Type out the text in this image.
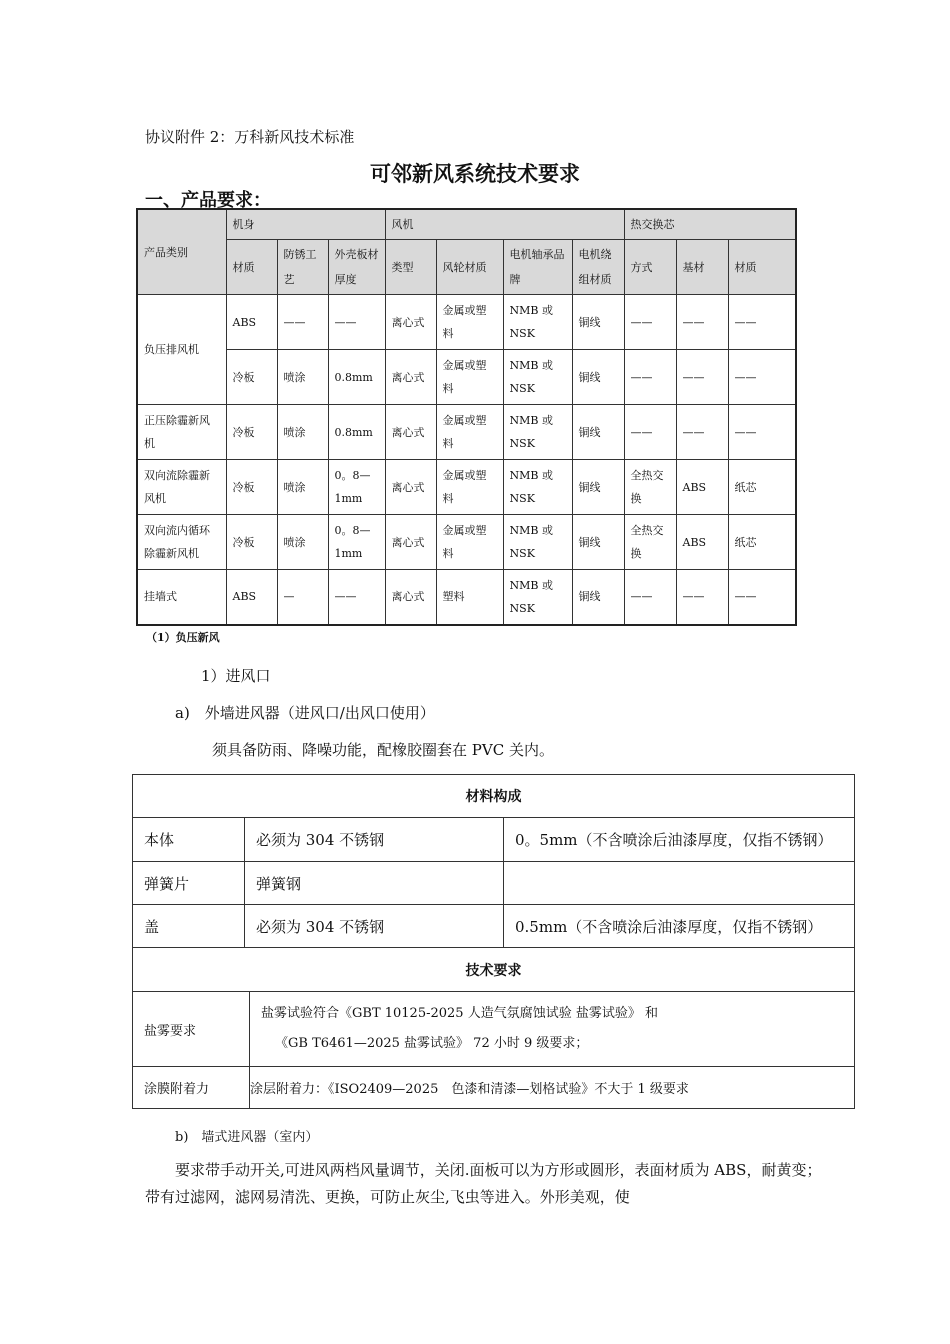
协议附件 2：万科新风技术标准
可邻新风系统技术要求
一、产品要求：
产品类别	机身			风机				热交换芯		
	材质	防锈工艺	外壳板材厚度	类型	风轮材质	电机轴承品牌	电机绕组材质	方式	基材	材质
负压排风机	ABS	——	——	离心式	金属或塑料	NMB 或 NSK	铜线	——	——	——
	冷板	喷涂	0.8mm	离心式	金属或塑料	NMB 或 NSK	铜线	——	——	——
正压除霾新风机	冷板	喷涂	0.8mm	离心式	金属或塑料	NMB 或 NSK	铜线	——	——	——
双向流除霾新风机	冷板	喷涂	0。8—1mm	离心式	金属或塑料	NMB 或 NSK	铜线	全热交换	ABS	纸芯
双向流内循环除霾新风机	冷板	喷涂	0。8—1mm	离心式	金属或塑料	NMB 或 NSK	铜线	全热交换	ABS	纸芯
挂墙式	ABS	—	——	离心式	塑料	NMB 或 NSK	铜线	——	——	——
（1）负压新风
1）进风口
a)　外墙进风器（进风口/出风口使用）
须具备防雨、降噪功能，配橡胶圈套在 PVC 关内。
材料构成			
本体	必须为 304 不锈钢		0。5mm（不含喷涂后油漆厚度，仅指不锈钢）
弹簧片	弹簧钢		
盖	必须为 304 不锈钢		0.5mm（不含喷涂后油漆厚度，仅指不锈钢）
技术要求			
盐雾要求		盐雾试验符合《GBT 10125-2025 人造气氛腐蚀试验 盐雾试验》 和
《GB T6461—2025 盐雾试验》 72 小时 9 级要求；	

涂膜附着力		涂层附着力：《ISO2409—2025　色漆和清漆—划格试验》不大于 1 级要求	
b)　墙式进风器（室内）
要求带手动开关,可进风两档风量调节，关闭.面板可以为方形或圆形，表面材质为 ABS，耐黄变；带有过滤网，滤网易清洗、更换，可防止灰尘,飞虫等进入。外形美观，使
